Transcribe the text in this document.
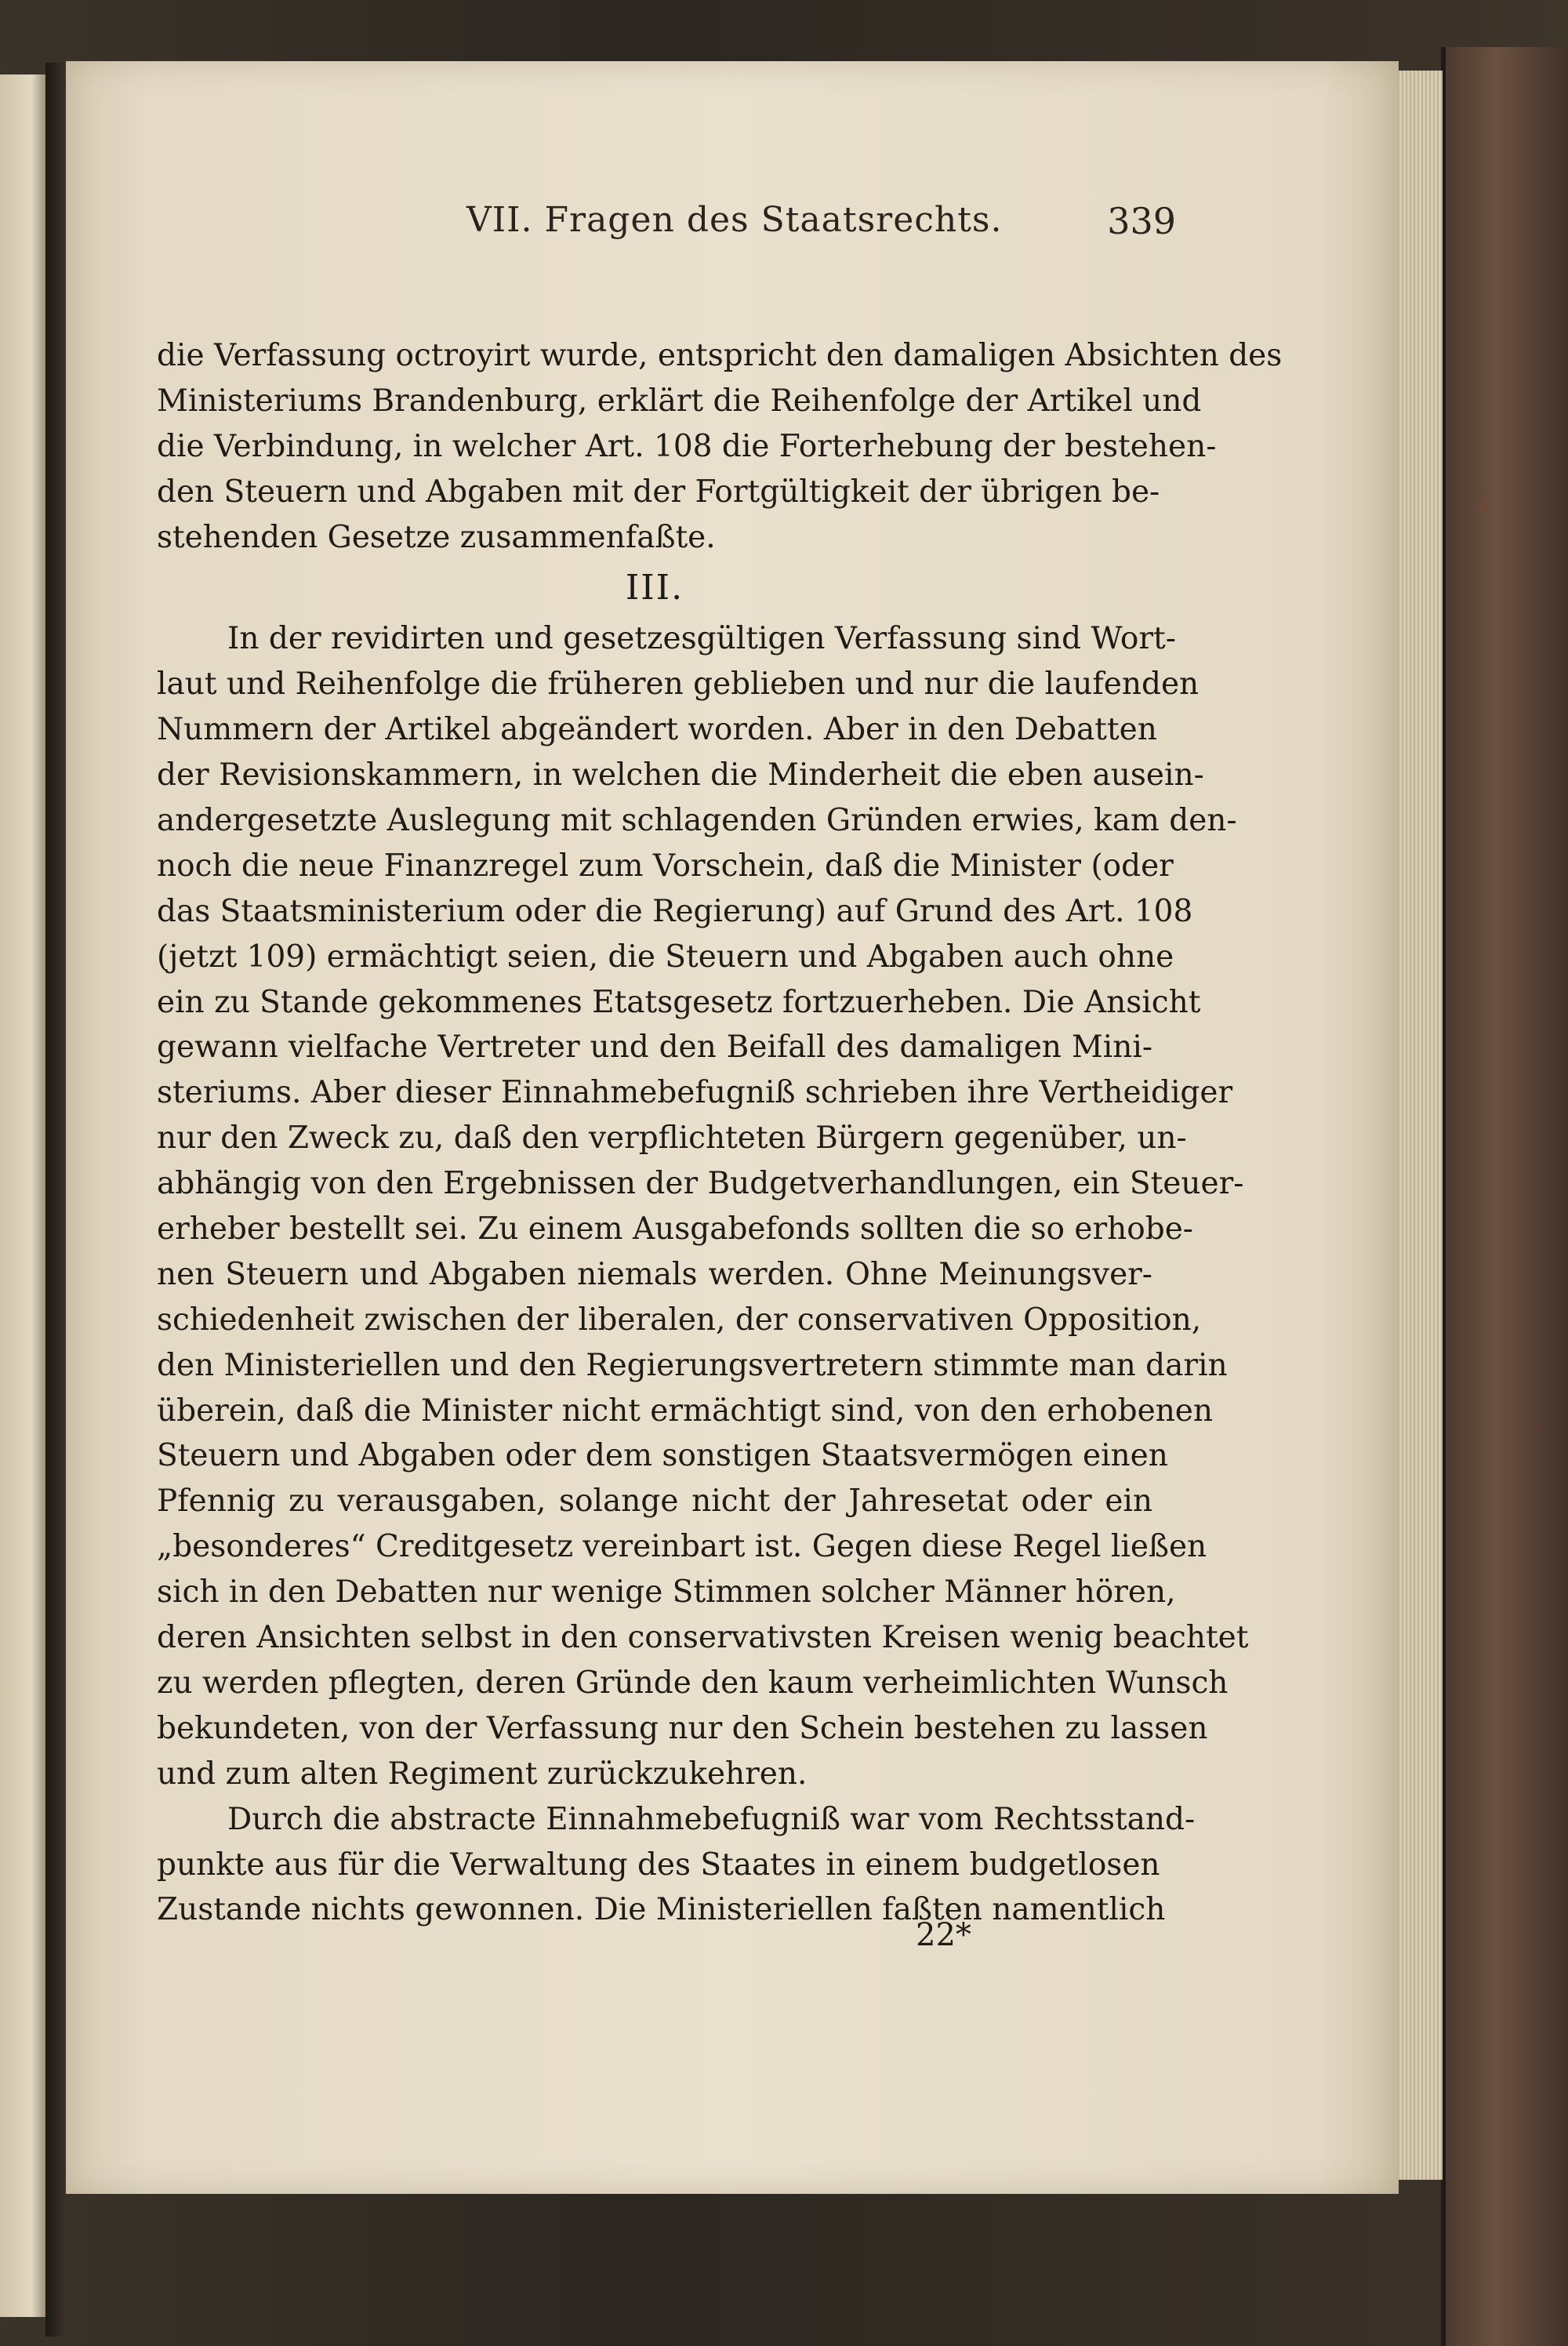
VII. Fragen des Staatsrechts.	339
die Verfassung octroyirt wurde, entspricht den damaligen Absichten des
Ministeriums Brandenburg, erklärt die Reihenfolge der Artikel und
die Verbindung, in welcher Art. 108 die Forterhebung der bestehen-
den Steuern und Abgaben mit der Fortgültigkeit der übrigen be-
stehenden Gesetze zusammenfaßte.
III.
In der revidirten und gesetzesgültigen Verfassung sind Wort-
laut und Reihenfolge die früheren geblieben und nur die laufenden
Nummern der Artikel abgeändert worden. Aber in den Debatten
der Revisionskammern, in welchen die Minderheit die eben ausein-
andergesetzte Auslegung mit schlagenden Gründen erwies, kam den-
noch die neue Finanzregel zum Vorschein, daß die Minister (oder
das Staatsministerium oder die Regierung) auf Grund des Art. 108
(jetzt 109) ermächtigt seien, die Steuern und Abgaben auch ohne
ein zu Stande gekommenes Etatsgesetz fortzuerheben. Die Ansicht
gewann vielfache Vertreter und den Beifall des damaligen Mini-
steriums. Aber dieser Einnahmebefugniß schrieben ihre Vertheidiger
nur den Zweck zu, daß den verpflichteten Bürgern gegenüber, un-
abhängig von den Ergebnissen der Budgetverhandlungen, ein Steuer-
erheber bestellt sei. Zu einem Ausgabefonds sollten die so erhobe-
nen Steuern und Abgaben niemals werden. Ohne Meinungsver-
schiedenheit zwischen der liberalen, der conservativen Opposition,
den Ministeriellen und den Regierungsvertretern stimmte man darin
überein, daß die Minister nicht ermächtigt sind, von den erhobenen
Steuern und Abgaben oder dem sonstigen Staatsvermögen einen
Pfennig zu verausgaben, solange nicht der Jahresetat oder ein
„besonderes“ Creditgesetz vereinbart ist. Gegen diese Regel ließen
sich in den Debatten nur wenige Stimmen solcher Männer hören,
deren Ansichten selbst in den conservativsten Kreisen wenig beachtet
zu werden pflegten, deren Gründe den kaum verheimlichten Wunsch
bekundeten, von der Verfassung nur den Schein bestehen zu lassen
und zum alten Regiment zurückzukehren.
Durch die abstracte Einnahmebefugniß war vom Rechtsstand-
punkte aus für die Verwaltung des Staates in einem budgetlosen
Zustande nichts gewonnen. Die Ministeriellen faßten namentlich
22*
